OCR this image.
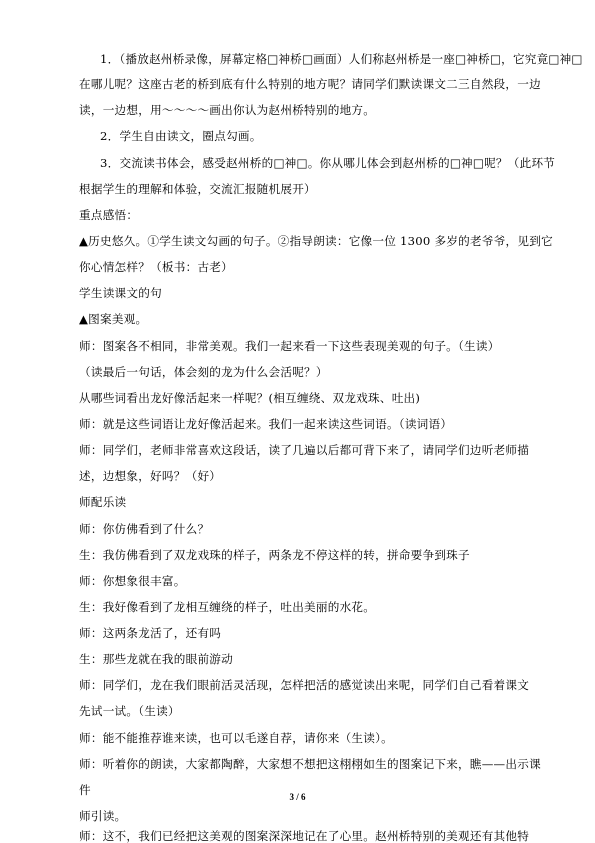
1．（播放赵州桥录像，屏幕定格□神桥□画面）人们称赵州桥是一座□神桥□，它究竟□神□
在哪儿呢？这座古老的桥到底有什么特别的地方呢？请同学们默读课文二三自然段，一边
读，一边想，用～～～～画出你认为赵州桥特别的地方。
2．学生自由读文，圈点勾画。
3．交流读书体会，感受赵州桥的□神□。你从哪儿体会到赵州桥的□神□呢？（此环节
根据学生的理解和体验，交流汇报随机展开）
重点感悟：
▲历史悠久。①学生读文勾画的句子。②指导朗读：它像一位 1300 多岁的老爷爷，见到它
你心情怎样？（板书：古老）
学生读课文的句
▲图案美观。
师：图案各不相同，非常美观。我们一起来看一下这些表现美观的句子。（生读）
（读最后一句话，体会刻的龙为什么会活呢？）
从哪些词看出龙好像活起来一样呢？(相互缠绕、双龙戏珠、吐出)
师：就是这些词语让龙好像活起来。我们一起来读这些词语。（读词语）
师：同学们，老师非常喜欢这段话，读了几遍以后都可背下来了，请同学们边听老师描
述，边想象，好吗？（好）
师配乐读
师：你仿佛看到了什么？
生：我仿佛看到了双龙戏珠的样子，两条龙不停这样的转，拼命要争到珠子
师：你想象很丰富。
生：我好像看到了龙相互缠绕的样子，吐出美丽的水花。
师：这两条龙活了，还有吗
生：那些龙就在我的眼前游动
师：同学们，龙在我们眼前活灵活现，怎样把活的感觉读出来呢，同学们自己看着课文
先试一试。（生读）
师：能不能推荐谁来读，也可以毛遂自荐，请你来（生读）。
师：听着你的朗读，大家都陶醉，大家想不想把这栩栩如生的图案记下来，瞧——出示课
件
师引读。
师：这不，我们已经把这美观的图案深深地记在了心里。赵州桥特别的美观还有其他特
3 / 6
